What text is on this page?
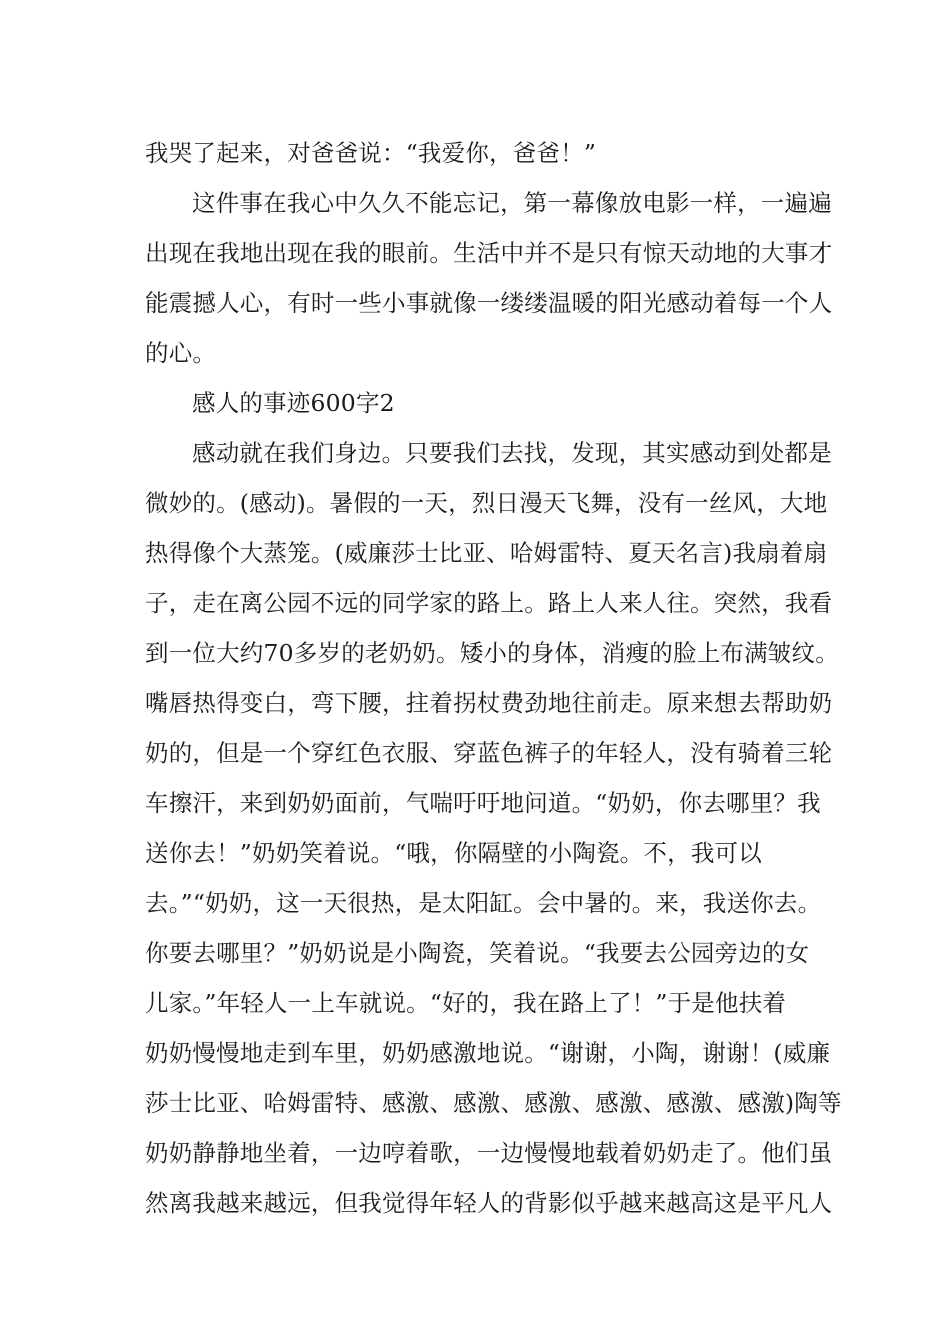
我哭了起来，对爸爸说：“我爱你，爸爸！”
这件事在我心中久久不能忘记，第一幕像放电影一样，一遍遍
出现在我地出现在我的眼前。生活中并不是只有惊天动地的大事才
能震撼人心，有时一些小事就像一缕缕温暖的阳光感动着每一个人
的心。
感人的事迹600字2
感动就在我们身边。只要我们去找，发现，其实感动到处都是
微妙的。(感动)。暑假的一天，烈日漫天飞舞，没有一丝风，大地
热得像个大蒸笼。(威廉莎士比亚、哈姆雷特、夏天名言)我扇着扇
子，走在离公园不远的同学家的路上。路上人来人往。突然，我看
到一位大约70多岁的老奶奶。矮小的身体，消瘦的脸上布满皱纹。
嘴唇热得变白，弯下腰，拄着拐杖费劲地往前走。原来想去帮助奶
奶的，但是一个穿红色衣服、穿蓝色裤子的年轻人，没有骑着三轮
车擦汗，来到奶奶面前，气喘吁吁地问道。“奶奶，你去哪里？我
送你去！”奶奶笑着说。“哦，你隔壁的小陶瓷。不，我可以
去。”“奶奶，这一天很热，是太阳缸。会中暑的。来，我送你去。
你要去哪里？”奶奶说是小陶瓷，笑着说。“我要去公园旁边的女
儿家。”年轻人一上车就说。“好的，我在路上了！”于是他扶着
奶奶慢慢地走到车里，奶奶感激地说。“谢谢，小陶，谢谢！(威廉
莎士比亚、哈姆雷特、感激、感激、感激、感激、感激、感激)陶等
奶奶静静地坐着，一边哼着歌，一边慢慢地载着奶奶走了。他们虽
然离我越来越远，但我觉得年轻人的背影似乎越来越高这是平凡人
